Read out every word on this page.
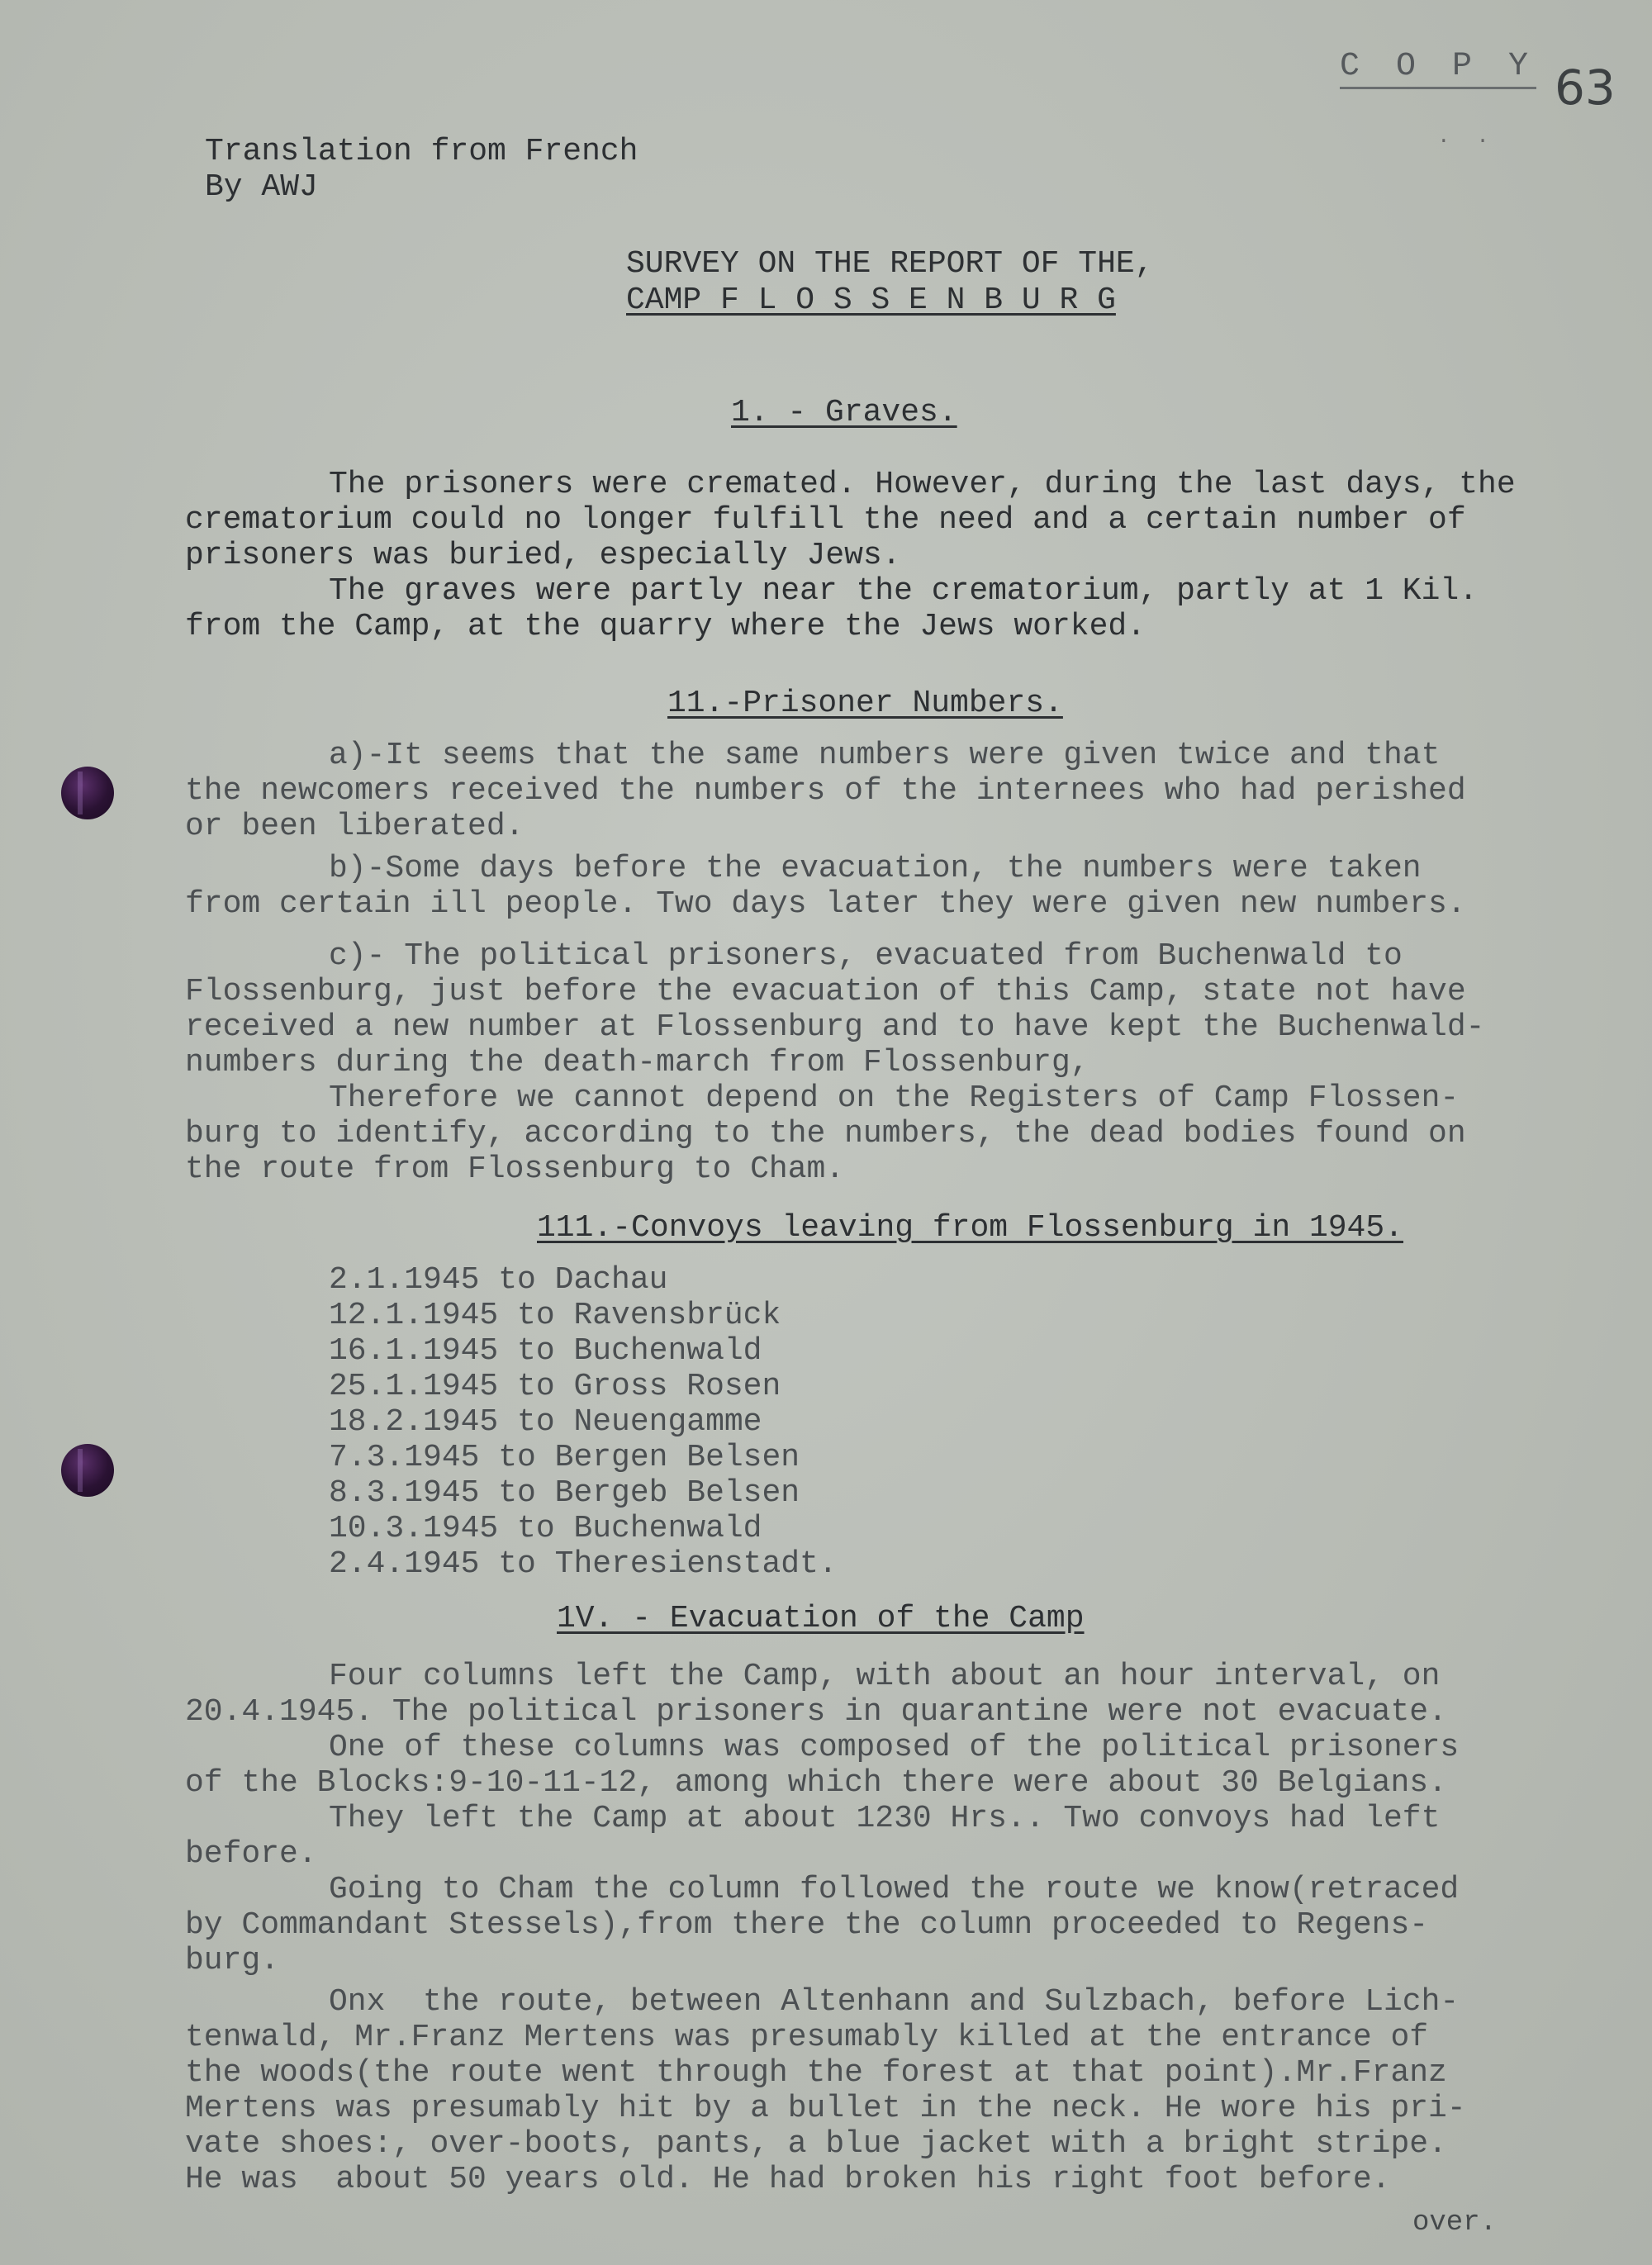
C O P Y 63
. .

Translation from French

By AWJ

SURVEY ON THE REPORT OF THE,

CAMP F L O S S E N B U R G

1. - Graves.

The prisoners were cremated. However, during the last days, the

crematorium could no longer fulfill the need and a certain number of

prisoners was buried, especially Jews.

The graves were partly near the crematorium, partly at 1 Kil.

from the Camp, at the quarry where the Jews worked.

11.-Prisoner Numbers.

a)-It seems that the same numbers were given twice and that

the newcomers received the numbers of the internees who had perished

or been liberated.

b)-Some days before the evacuation, the numbers were taken

from certain ill people. Two days later they were given new numbers.

c)- The political prisoners, evacuated from Buchenwald to

Flossenburg, just before the evacuation of this Camp, state not have

received a new number at Flossenburg and to have kept the Buchenwald-

numbers during the death-march from Flossenburg,

Therefore we cannot depend on the Registers of Camp Flossen-

burg to identify, according to the numbers, the dead bodies found on

the route from Flossenburg to Cham.

111.-Convoys leaving from Flossenburg in 1945.

2.1.1945 to Dachau

12.1.1945 to Ravensbrück

16.1.1945 to Buchenwald

25.1.1945 to Gross Rosen

18.2.1945 to Neuengamme

7.3.1945 to Bergen Belsen

8.3.1945 to Bergeb Belsen

10.3.1945 to Buchenwald

2.4.1945 to Theresienstadt.

1V. - Evacuation of the Camp

Four columns left the Camp, with about an hour interval, on

20.4.1945. The political prisoners in quarantine were not evacuate.

One of these columns was composed of the political prisoners

of the Blocks:9-10-11-12, among which there were about 30 Belgians.

They left the Camp at about 1230 Hrs.. Two convoys had left

before.

Going to Cham the column followed the route we know(retraced

by Commandant Stessels),from there the column proceeded to Regens-

burg.

Onx  the route, between Altenhann and Sulzbach, before Lich-

tenwald, Mr.Franz Mertens was presumably killed at the entrance of

the woods(the route went through the forest at that point).Mr.Franz

Mertens was presumably hit by a bullet in the neck. He wore his pri-

vate shoes:, over-boots, pants, a blue jacket with a bright stripe.

He was  about 50 years old. He had broken his right foot before.

over.
